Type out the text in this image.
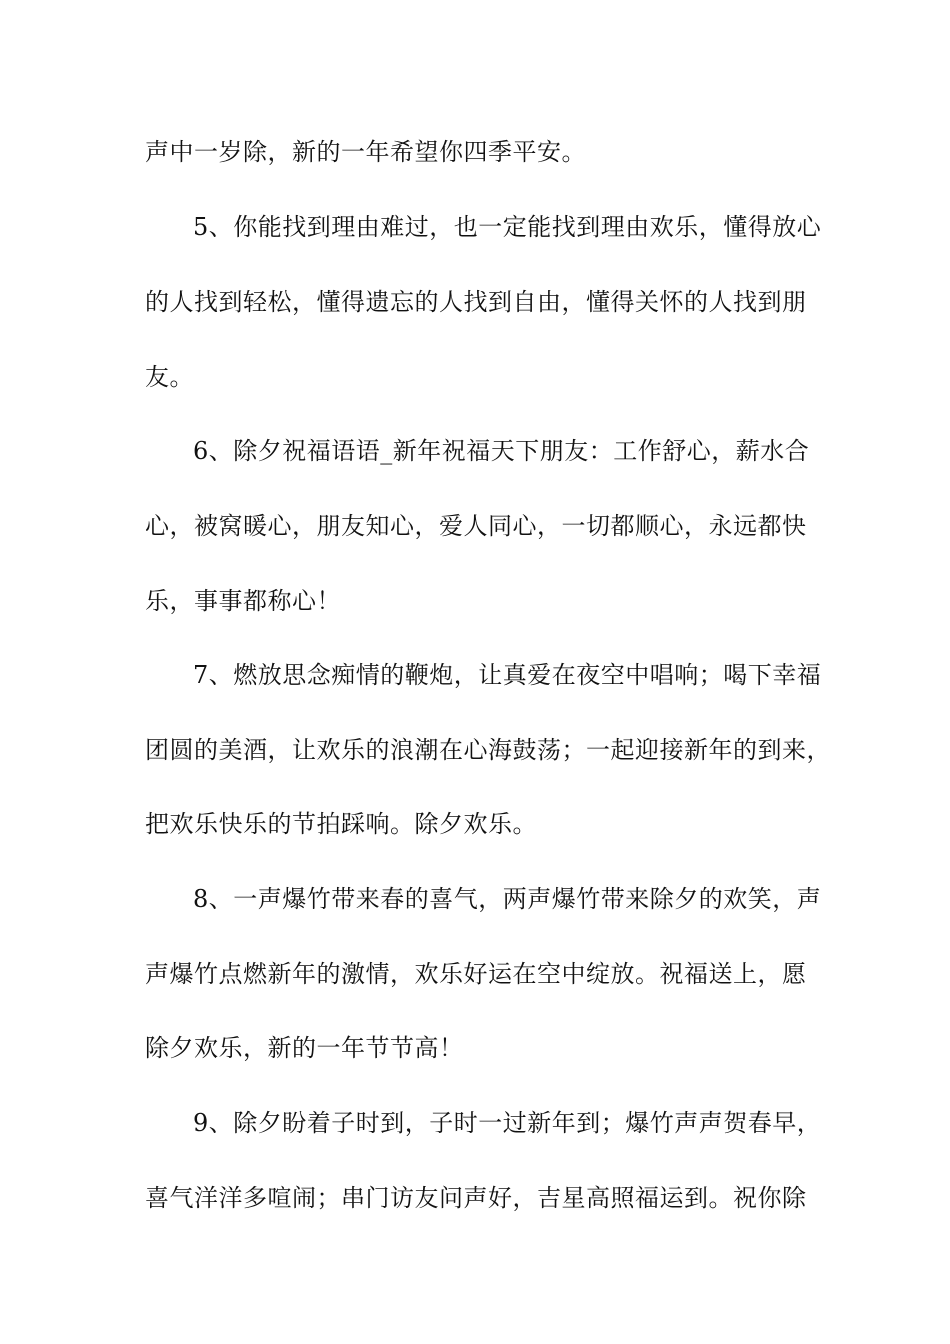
声中一岁除，新的一年希望你四季平安。
5、你能找到理由难过，也一定能找到理由欢乐，懂得放心
的人找到轻松，懂得遗忘的人找到自由，懂得关怀的人找到朋
友。
6、除夕祝福语语_新年祝福天下朋友：工作舒心，薪水合
心，被窝暖心，朋友知心，爱人同心，一切都顺心，永远都快
乐，事事都称心！
7、燃放思念痴情的鞭炮，让真爱在夜空中唱响；喝下幸福
团圆的美酒，让欢乐的浪潮在心海鼓荡；一起迎接新年的到来，
把欢乐快乐的节拍踩响。除夕欢乐。
8、一声爆竹带来春的喜气，两声爆竹带来除夕的欢笑，声
声爆竹点燃新年的激情，欢乐好运在空中绽放。祝福送上，愿
除夕欢乐，新的一年节节高！
9、除夕盼着子时到，子时一过新年到；爆竹声声贺春早，
喜气洋洋多喧闹；串门访友问声好，吉星高照福运到。祝你除
